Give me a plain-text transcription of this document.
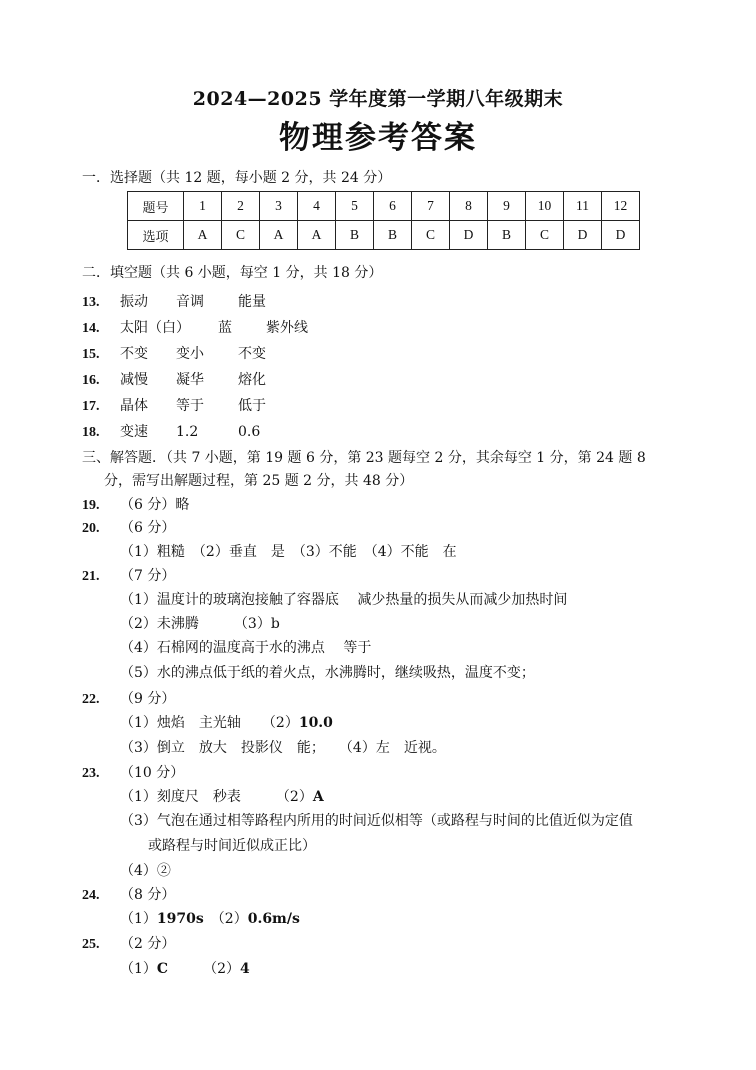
2024—2025 学年度第一学期八年级期末
物理参考答案
一．选择题（共 12 题，每小题 2 分，共 24 分）
题号	1	2	3	4	5	6	7	8	9	10	11	12
选项	A	C	A	A	B	B	C	D	B	C	D	D
二．填空题（共 6 小题，每空 1 分，共 18 分）
13. 振动 音调 能量
14. 太阳（白） 蓝 紫外线
15. 不变 变小 不变
16. 减慢 凝华 熔化
17. 晶体 等于 低于
18. 变速 1.2	0.6
三、解答题．（共 7 小题，第 19 题 6 分，第 23 题每空 2 分，其余每空 1 分，第 24 题 8
分，需写出解题过程，第 25 题 2 分，共 48 分）
19. （6 分）略
20. （6 分）
（1）粗糙　（2）垂直　是　（3）不能　（4）不能　在
21. （7 分）
（1）温度计的玻璃泡接触了容器底　 减少热量的损失从而减少加热时间
（2）未沸腾　　　（3）b
（4）石棉网的温度高于水的沸点　 等于
（5）水的沸点低于纸的着火点，水沸腾时，继续吸热，温度不变；
22. （9 分）
（1）烛焰　主光轴　　（2）10.0
（3）倒立　放大　投影仪　能；　　（4）左　近视。
23. （10 分）
（1）刻度尺　秒表　　　（2）A
（3）气泡在通过相等路程内所用的时间近似相等（或路程与时间的比值近似为定值
或路程与时间近似成正比）
（4）②
24. （8 分）
（1）1970s　（2）0.6m/s
25. （2 分）
（1）C　　　（2）4
